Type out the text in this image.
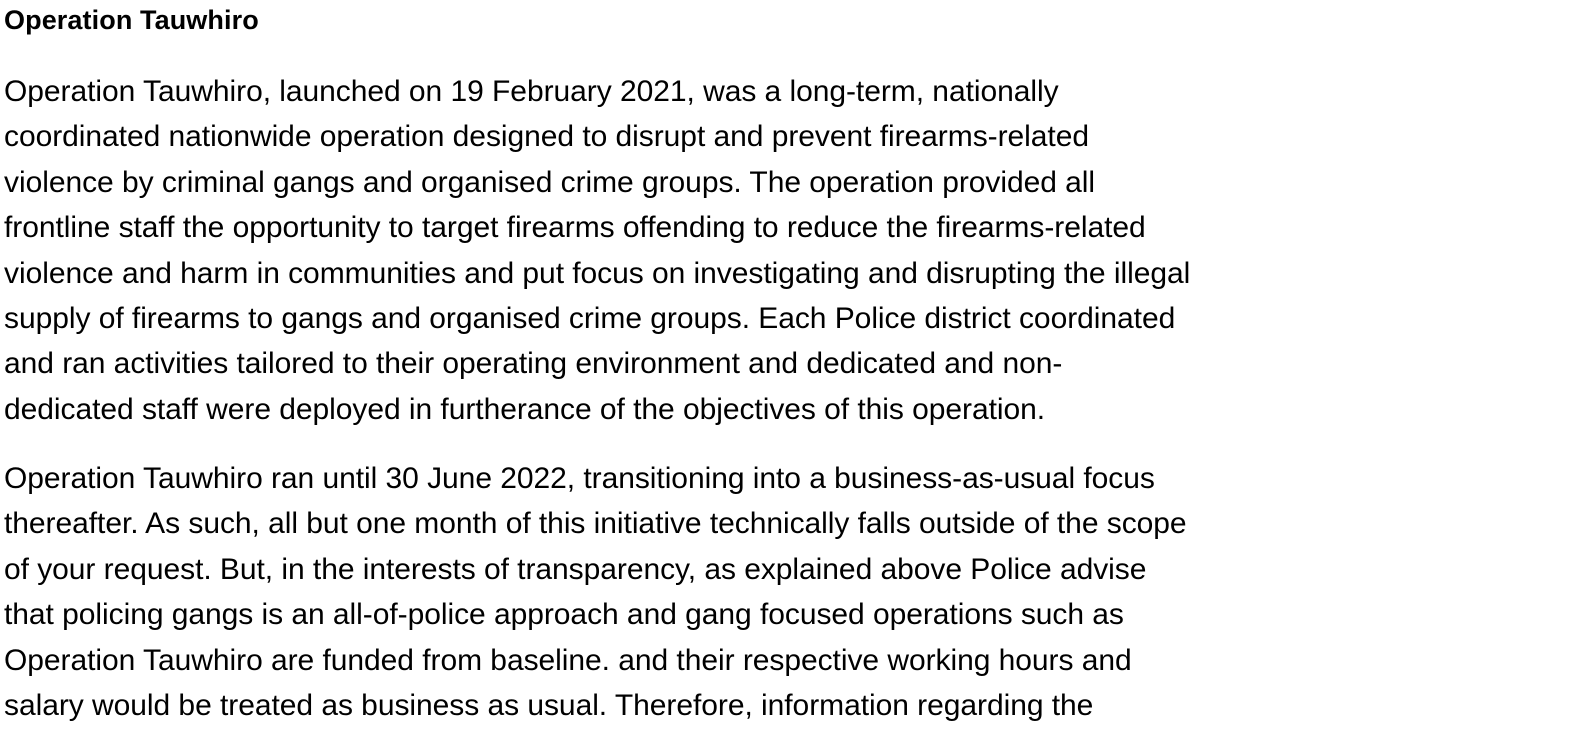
Operation Tauwhiro

Operation Tauwhiro, launched on 19 February 2021, was a long-term, nationally
coordinated nationwide operation designed to disrupt and prevent firearms-related
violence by criminal gangs and organised crime groups. The operation provided all
frontline staff the opportunity to target firearms offending to reduce the firearms-related
violence and harm in communities and put focus on investigating and disrupting the illegal
supply of firearms to gangs and organised crime groups. Each Police district coordinated
and ran activities tailored to their operating environment and dedicated and non-
dedicated staff were deployed in furtherance of the objectives of this operation.

Operation Tauwhiro ran until 30 June 2022, transitioning into a business-as-usual focus
thereafter. As such, all but one month of this initiative technically falls outside of the scope
of your request. But, in the interests of transparency, as explained above Police advise
that policing gangs is an all-of-police approach and gang focused operations such as
Operation Tauwhiro are funded from baseline. and their respective working hours and
salary would be treated as business as usual. Therefore, information regarding the
